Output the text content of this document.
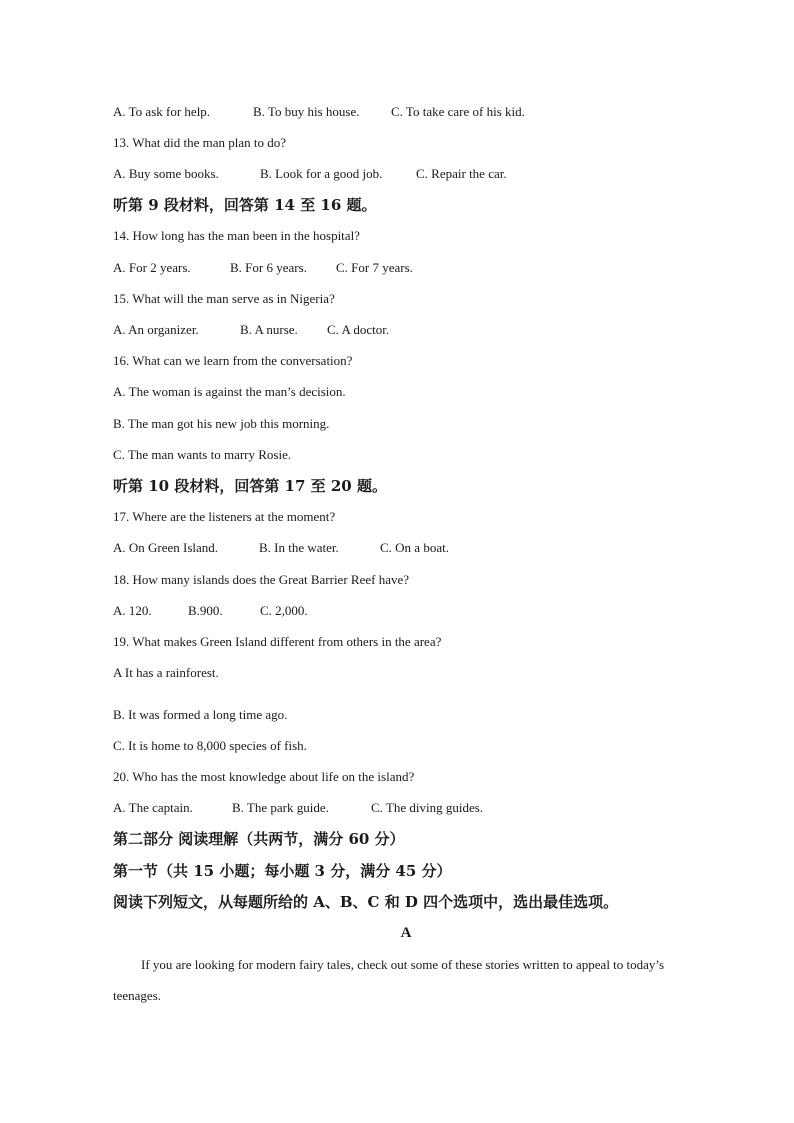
A. To ask for help.	B. To buy his house. C. To take care of his kid.
13. What did the man plan to do?
A. Buy some books.	B. Look for a good job.	C. Repair the car.
听第 9 段材料，回答第 14 至 16 题。
14. How long has the man been in the hospital?
A. For 2 years.	B. For 6 years. C. For 7 years.
15. What will the man serve as in Nigeria?
A. An organizer.	B. A nurse. C. A doctor.
16. What can we learn from the conversation?
A. The woman is against the man’s decision.
B. The man got his new job this morning.
C. The man wants to marry Rosie.
听第 10 段材料，回答第 17 至 20 题。
17. Where are the listeners at the moment?
A. On Green Island.	B. In the water.	C. On a boat.
18. How many islands does the Great Barrier Reef have?
A. 120.	B.900.	C. 2,000.
19. What makes Green Island different from others in the area?
A It has a rainforest.
B. It was formed a long time ago.
C. It is home to 8,000 species of fish.
20. Who has the most knowledge about life on the island?
A. The captain.	B. The park guide.	C. The diving guides.
第二部分 阅读理解（共两节，满分 60 分）
第一节（共 15 小题；每小题 3 分，满分 45 分）
阅读下列短文，从每题所给的 A、B、C 和 D 四个选项中，选出最佳选项。
A
If you are looking for modern fairy tales, check out some of these stories written to appeal to today’s teenages.
